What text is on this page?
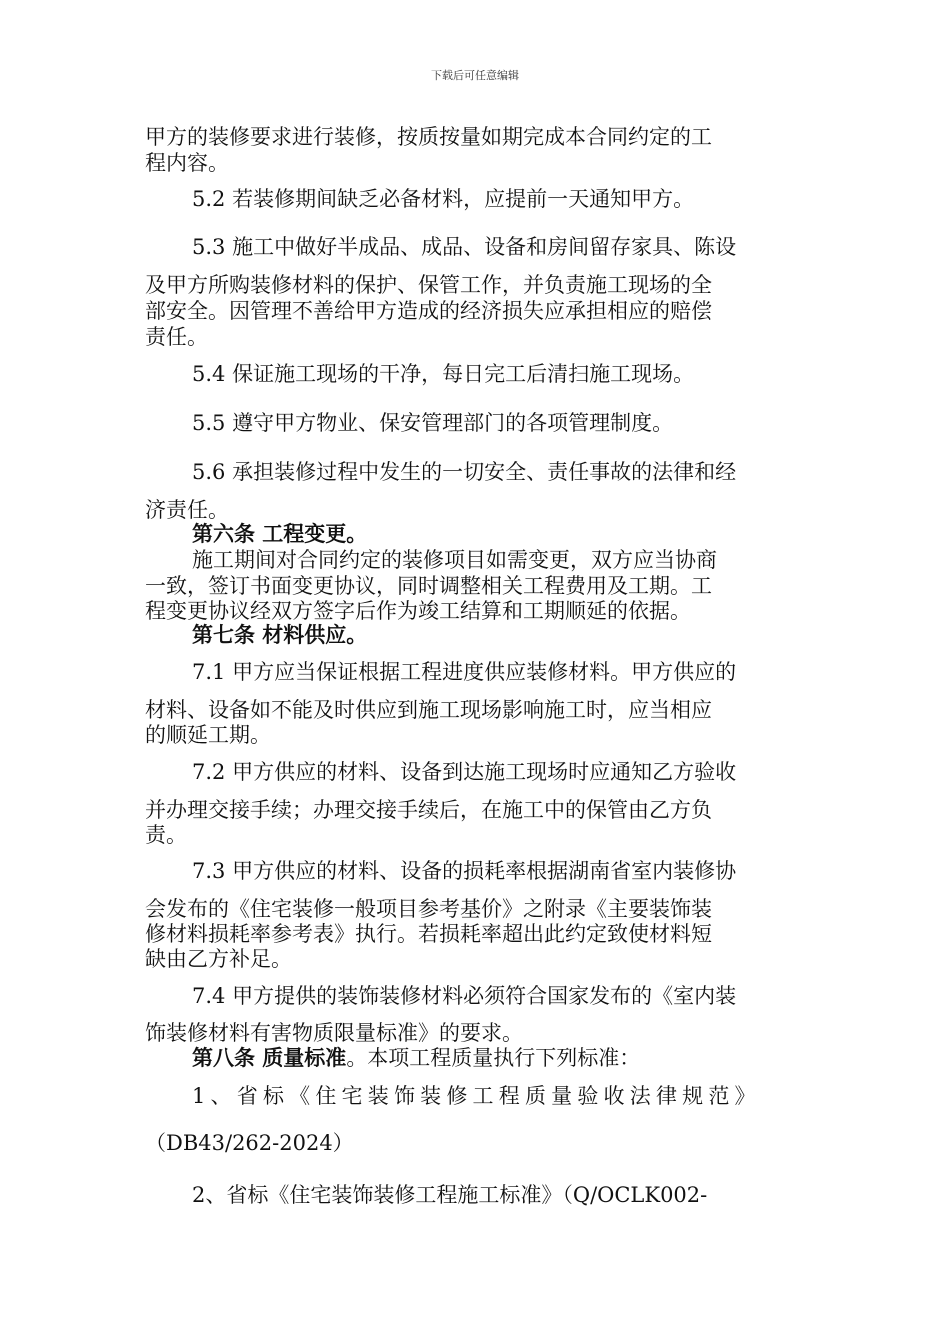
下载后可任意编辑
甲方的装修要求进行装修，按质按量如期完成本合同约定的工
程内容。
5.2 若装修期间缺乏必备材料，应提前一天通知甲方。
5.3 施工中做好半成品、成品、设备和房间留存家具、陈设
及甲方所购装修材料的保护、保管工作，并负责施工现场的全
部安全。因管理不善给甲方造成的经济损失应承担相应的赔偿
责任。
5.4 保证施工现场的干净，每日完工后清扫施工现场。
5.5 遵守甲方物业、保安管理部门的各项管理制度。
5.6 承担装修过程中发生的一切安全、责任事故的法律和经
济责任。
第六条 工程变更。
施工期间对合同约定的装修项目如需变更，双方应当协商
一致，签订书面变更协议，同时调整相关工程费用及工期。工
程变更协议经双方签字后作为竣工结算和工期顺延的依据。
第七条 材料供应。
7.1 甲方应当保证根据工程进度供应装修材料。甲方供应的
材料、设备如不能及时供应到施工现场影响施工时，应当相应
的顺延工期。
7.2 甲方供应的材料、设备到达施工现场时应通知乙方验收
并办理交接手续；办理交接手续后，在施工中的保管由乙方负
责。
7.3 甲方供应的材料、设备的损耗率根据湖南省室内装修协
会发布的《住宅装修一般项目参考基价》之附录《主要装饰装
修材料损耗率参考表》执行。若损耗率超出此约定致使材料短
缺由乙方补足。
7.4 甲方提供的装饰装修材料必须符合国家发布的《室内装
饰装修材料有害物质限量标准》的要求。
第八条 质量标准。本项工程质量执行下列标准：
1、省标《住宅装饰装修工程质量验收法律规范》
（DB43/262-2024）
2、省标《住宅装饰装修工程施工标准》（Q/OCLK002-
